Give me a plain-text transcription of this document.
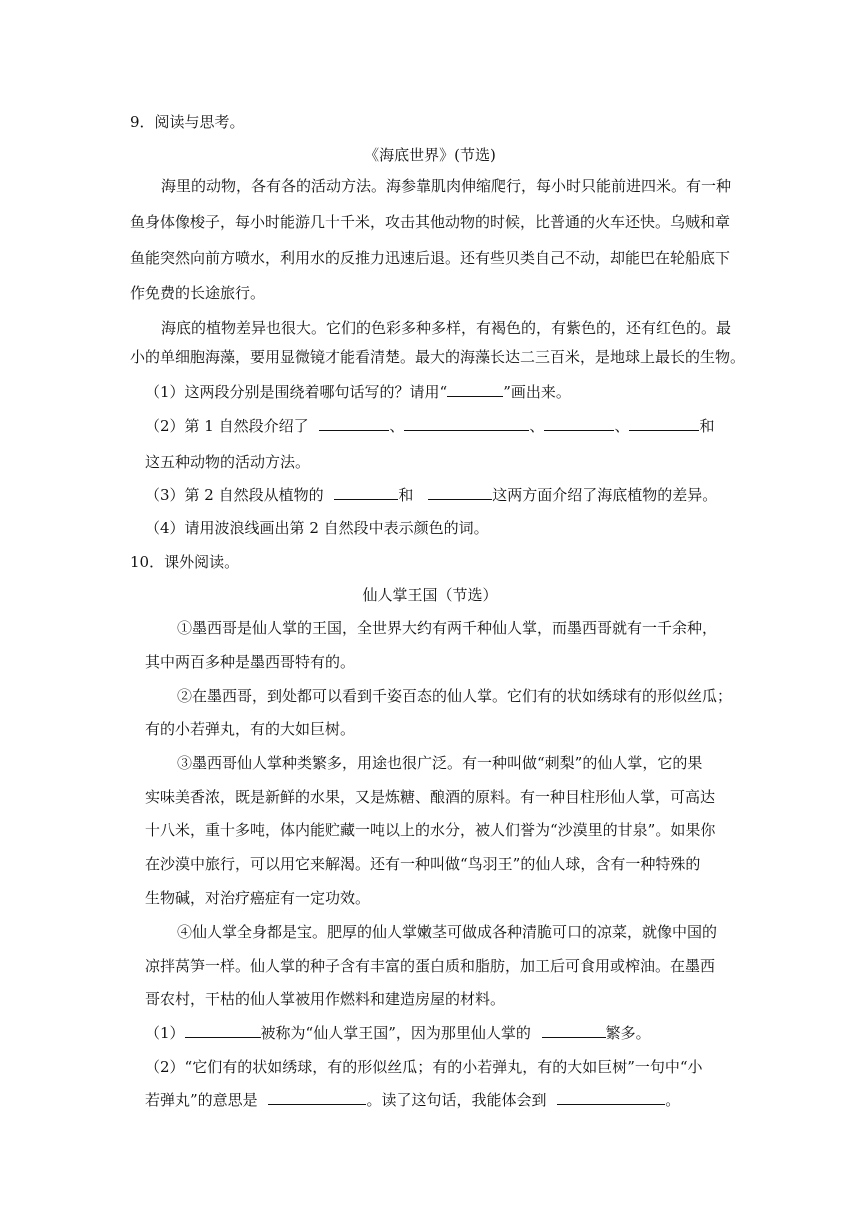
9．阅读与思考。
《海底世界》(节选)
海里的动物，各有各的活动方法。海参靠肌肉伸缩爬行，每小时只能前进四米。有一种
鱼身体像梭子，每小时能游几十千米，攻击其他动物的时候，比普通的火车还快。乌贼和章
鱼能突然向前方喷水，利用水的反推力迅速后退。还有些贝类自己不动，却能巴在轮船底下
作免费的长途旅行。
海底的植物差异也很大。它们的色彩多种多样，有褐色的，有紫色的，还有红色的。最
小的单细胞海藻，要用显微镜才能看清楚。最大的海藻长达二三百米，是地球上最长的生物。
（1）这两段分别是围绕着哪句话写的？请用“	”画出来。
（2）第 1 自然段介绍了	、	、	、	和
这五种动物的活动方法。
（3）第 2 自然段从植物的	和	这两方面介绍了海底植物的差异。
（4）请用波浪线画出第 2 自然段中表示颜色的词。
10．课外阅读。
仙人掌王国（节选）
①墨西哥是仙人掌的王国，全世界大约有两千种仙人掌，而墨西哥就有一千余种，
其中两百多种是墨西哥特有的。
②在墨西哥，到处都可以看到千姿百态的仙人掌。它们有的状如绣球有的形似丝瓜；
有的小若弹丸，有的大如巨树。
③墨西哥仙人掌种类繁多，用途也很广泛。有一种叫做“刺梨”的仙人掌，它的果
实味美香浓，既是新鲜的水果，又是炼糖、酿酒的原料。有一种目柱形仙人掌，可高达
十八米，重十多吨，体内能贮藏一吨以上的水分，被人们誉为“沙漠里的甘泉”。如果你
在沙漠中旅行，可以用它来解渴。还有一种叫做“鸟羽王”的仙人球，含有一种特殊的
生物碱，对治疗癌症有一定功效。
④仙人掌全身都是宝。肥厚的仙人掌嫩茎可做成各种清脆可口的凉菜，就像中国的
凉拌莴笋一样。仙人掌的种子含有丰富的蛋白质和脂肪，加工后可食用或榨油。在墨西
哥农村，干枯的仙人掌被用作燃料和建造房屋的材料。
（1）	被称为“仙人掌王国”，因为那里仙人掌的	繁多。
（2）“它们有的状如绣球，有的形似丝瓜；有的小若弹丸，有的大如巨树”一句中“小
若弹丸”的意思是	。读了这句话，我能体会到	。
